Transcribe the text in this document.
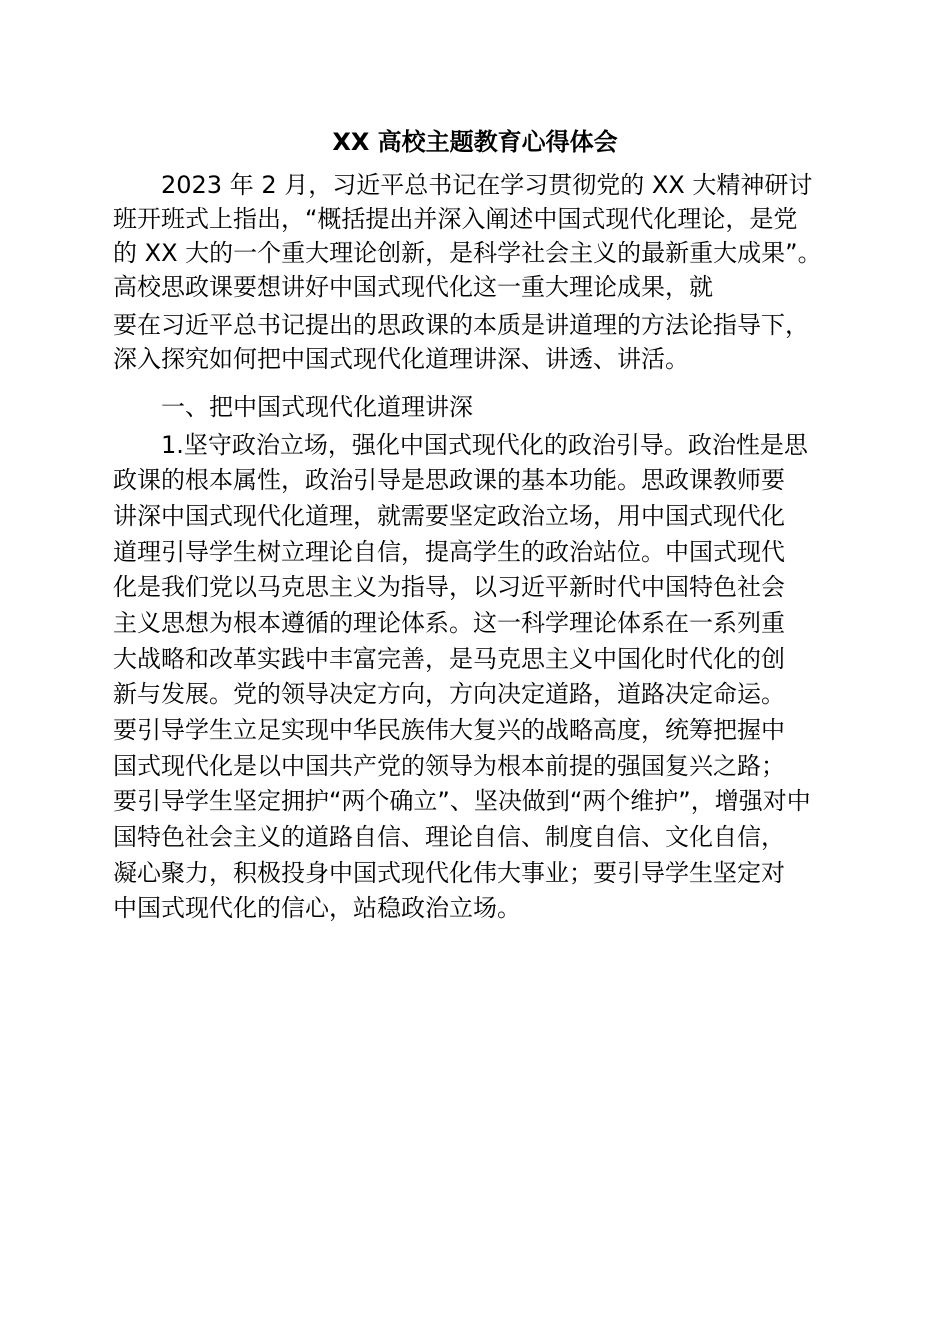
XX 高校主题教育心得体会

　　2023 年 2 月，习近平总书记在学习贯彻党的 XX 大精神研讨

班开班式上指出，“概括提出并深入阐述中国式现代化理论，是党

的 XX 大的一个重大理论创新，是科学社会主义的最新重大成果”。

高校思政课要想讲好中国式现代化这一重大理论成果，就

要在习近平总书记提出的思政课的本质是讲道理的方法论指导下，

深入探究如何把中国式现代化道理讲深、讲透、讲活。

　　一、把中国式现代化道理讲深

　　1.坚守政治立场，强化中国式现代化的政治引导。政治性是思

政课的根本属性，政治引导是思政课的基本功能。思政课教师要

讲深中国式现代化道理，就需要坚定政治立场，用中国式现代化

道理引导学生树立理论自信，提高学生的政治站位。中国式现代

化是我们党以马克思主义为指导，以习近平新时代中国特色社会

主义思想为根本遵循的理论体系。这一科学理论体系在一系列重

大战略和改革实践中丰富完善，是马克思主义中国化时代化的创

新与发展。党的领导决定方向，方向决定道路，道路决定命运。

要引导学生立足实现中华民族伟大复兴的战略高度，统筹把握中

国式现代化是以中国共产党的领导为根本前提的强国复兴之路；

要引导学生坚定拥护“两个确立”、坚决做到“两个维护”，增强对中

国特色社会主义的道路自信、理论自信、制度自信、文化自信，

凝心聚力，积极投身中国式现代化伟大事业；要引导学生坚定对

中国式现代化的信心，站稳政治立场。
